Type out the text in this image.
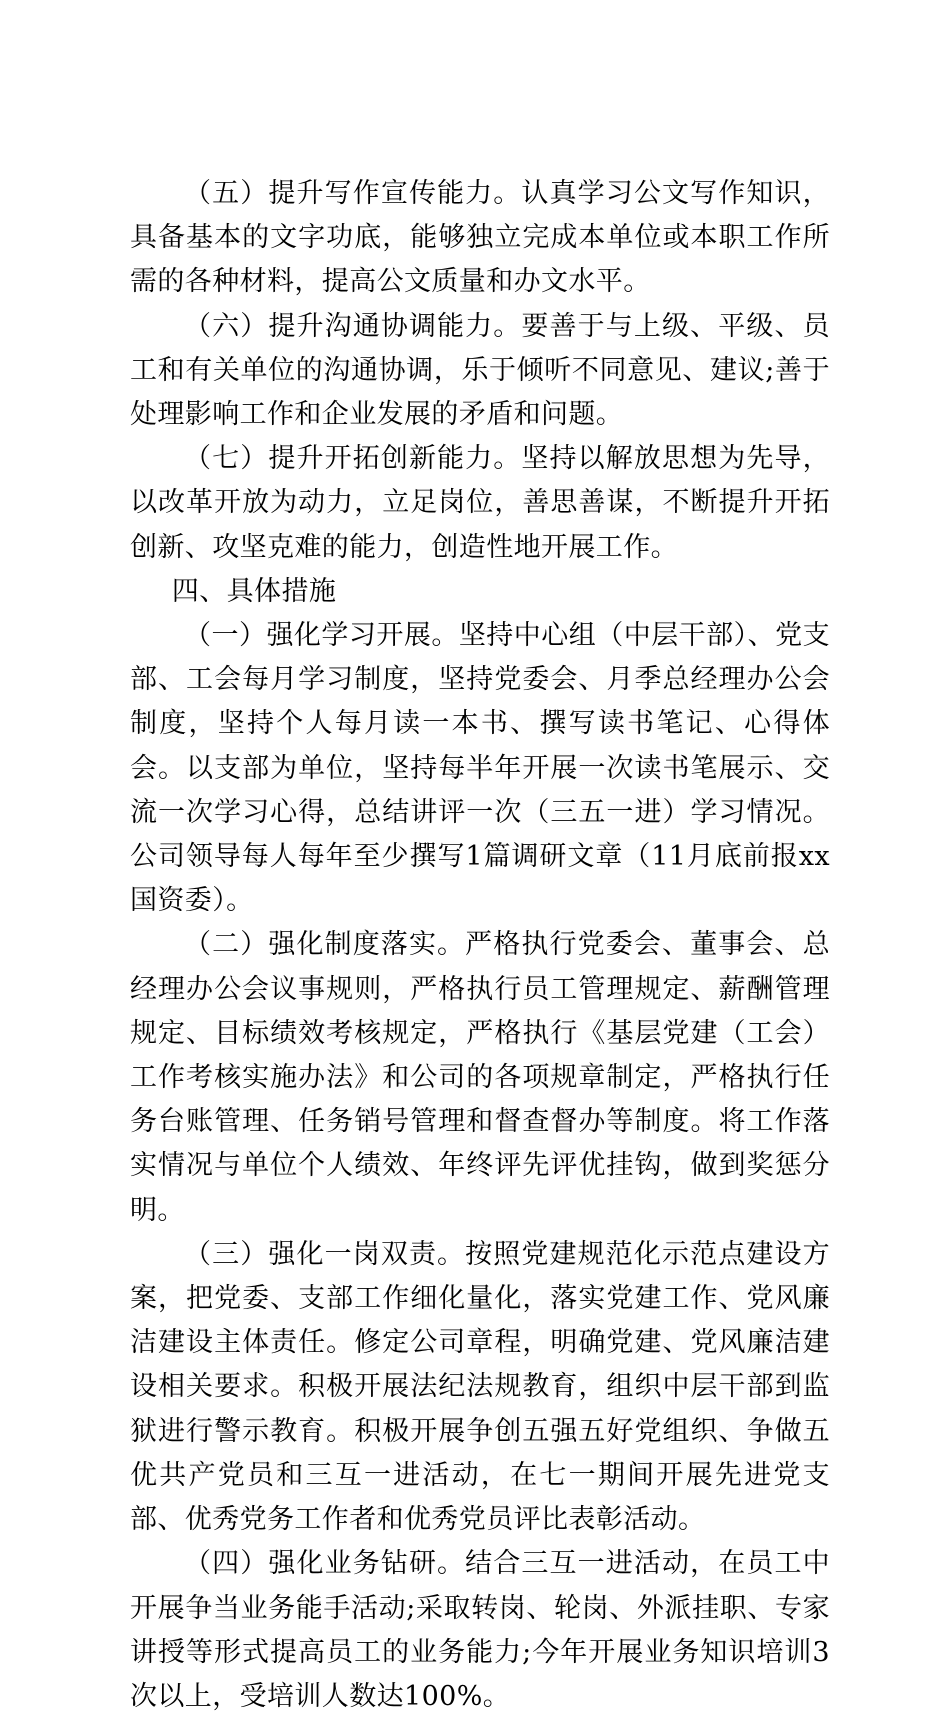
（五）提升写作宣传能力。认真学习公文写作知识，具备基本的文字功底，能够独立完成本单位或本职工作所需的各种材料，提高公文质量和办文水平。

（六）提升沟通协调能力。要善于与上级、平级、员工和有关单位的沟通协调，乐于倾听不同意见、建议;善于处理影响工作和企业发展的矛盾和问题。

（七）提升开拓创新能力。坚持以解放思想为先导，以改革开放为动力，立足岗位，善思善谋，不断提升开拓创新、攻坚克难的能力，创造性地开展工作。

四、具体措施

（一）强化学习开展。坚持中心组（中层干部）、党支部、工会每月学习制度，坚持党委会、月季总经理办公会制度，坚持个人每月读一本书、撰写读书笔记、心得体会。以支部为单位，坚持每半年开展一次读书笔展示、交流一次学习心得，总结讲评一次（三五一进）学习情况。公司领导每人每年至少撰写1篇调研文章（11月底前报xx国资委）。

（二）强化制度落实。严格执行党委会、董事会、总经理办公会议事规则，严格执行员工管理规定、薪酬管理规定、目标绩效考核规定，严格执行《基层党建（工会）工作考核实施办法》和公司的各项规章制定，严格执行任务台账管理、任务销号管理和督查督办等制度。将工作落实情况与单位个人绩效、年终评先评优挂钩，做到奖惩分明。

（三）强化一岗双责。按照党建规范化示范点建设方案，把党委、支部工作细化量化，落实党建工作、党风廉洁建设主体责任。修定公司章程，明确党建、党风廉洁建设相关要求。积极开展法纪法规教育，组织中层干部到监狱进行警示教育。积极开展争创五强五好党组织、争做五优共产党员和三互一进活动，在七一期间开展先进党支部、优秀党务工作者和优秀党员评比表彰活动。

（四）强化业务钻研。结合三互一进活动，在员工中开展争当业务能手活动;采取转岗、轮岗、外派挂职、专家讲授等形式提高员工的业务能力;今年开展业务知识培训3次以上，受培训人数达100%。
